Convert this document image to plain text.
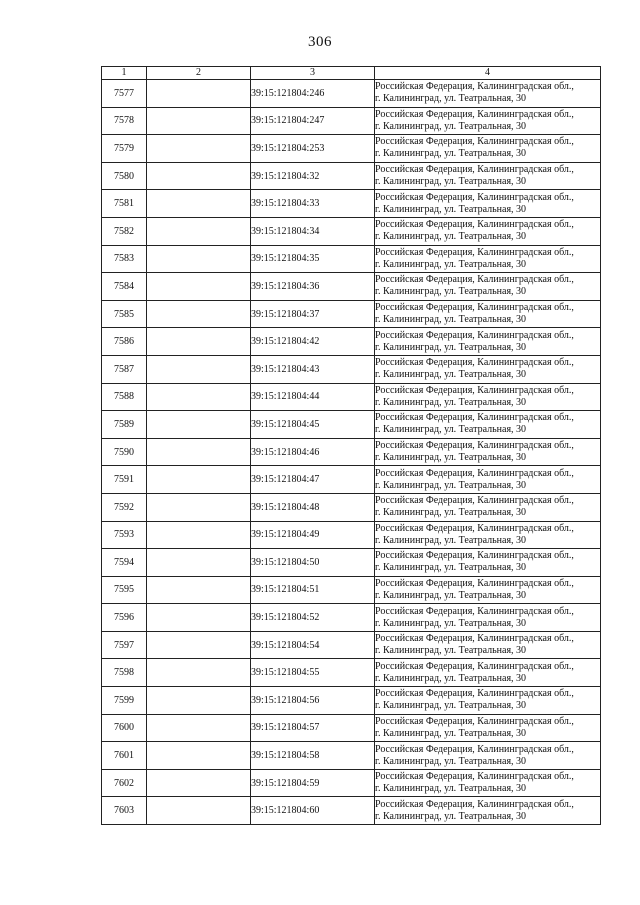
306
1	2	3	4
7577		39:15:121804:246	Российская Федерация, Калининградская обл.,
г. Калининград, ул. Театральная, 30

7578		39:15:121804:247	Российская Федерация, Калининградская обл.,
г. Калининград, ул. Театральная, 30

7579		39:15:121804:253	Российская Федерация, Калининградская обл.,
г. Калининград, ул. Театральная, 30

7580		39:15:121804:32	Российская Федерация, Калининградская обл.,
г. Калининград, ул. Театральная, 30

7581		39:15:121804:33	Российская Федерация, Калининградская обл.,
г. Калининград, ул. Театральная, 30

7582		39:15:121804:34	Российская Федерация, Калининградская обл.,
г. Калининград, ул. Театральная, 30

7583		39:15:121804:35	Российская Федерация, Калининградская обл.,
г. Калининград, ул. Театральная, 30

7584		39:15:121804:36	Российская Федерация, Калининградская обл.,
г. Калининград, ул. Театральная, 30

7585		39:15:121804:37	Российская Федерация, Калининградская обл.,
г. Калининград, ул. Театральная, 30

7586		39:15:121804:42	Российская Федерация, Калининградская обл.,
г. Калининград, ул. Театральная, 30

7587		39:15:121804:43	Российская Федерация, Калининградская обл.,
г. Калининград, ул. Театральная, 30

7588		39:15:121804:44	Российская Федерация, Калининградская обл.,
г. Калининград, ул. Театральная, 30

7589		39:15:121804:45	Российская Федерация, Калининградская обл.,
г. Калининград, ул. Театральная, 30

7590		39:15:121804:46	Российская Федерация, Калининградская обл.,
г. Калининград, ул. Театральная, 30

7591		39:15:121804:47	Российская Федерация, Калининградская обл.,
г. Калининград, ул. Театральная, 30

7592		39:15:121804:48	Российская Федерация, Калининградская обл.,
г. Калининград, ул. Театральная, 30

7593		39:15:121804:49	Российская Федерация, Калининградская обл.,
г. Калининград, ул. Театральная, 30

7594		39:15:121804:50	Российская Федерация, Калининградская обл.,
г. Калининград, ул. Театральная, 30

7595		39:15:121804:51	Российская Федерация, Калининградская обл.,
г. Калининград, ул. Театральная, 30

7596		39:15:121804:52	Российская Федерация, Калининградская обл.,
г. Калининград, ул. Театральная, 30

7597		39:15:121804:54	Российская Федерация, Калининградская обл.,
г. Калининград, ул. Театральная, 30

7598		39:15:121804:55	Российская Федерация, Калининградская обл.,
г. Калининград, ул. Театральная, 30

7599		39:15:121804:56	Российская Федерация, Калининградская обл.,
г. Калининград, ул. Театральная, 30

7600		39:15:121804:57	Российская Федерация, Калининградская обл.,
г. Калининград, ул. Театральная, 30

7601		39:15:121804:58	Российская Федерация, Калининградская обл.,
г. Калининград, ул. Театральная, 30

7602		39:15:121804:59	Российская Федерация, Калининградская обл.,
г. Калининград, ул. Театральная, 30

7603		39:15:121804:60	Российская Федерация, Калининградская обл.,
г. Калининград, ул. Театральная, 30
